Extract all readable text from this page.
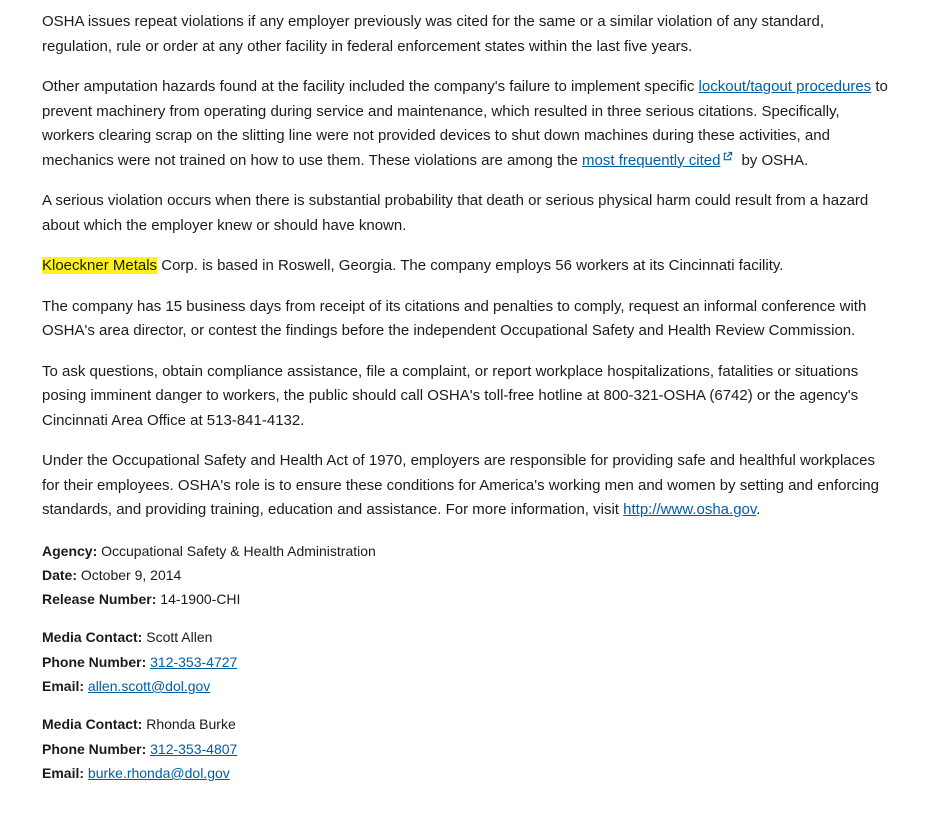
OSHA issues repeat violations if any employer previously was cited for the same or a similar violation of any standard, regulation, rule or order at any other facility in federal enforcement states within the last five years.

Other amputation hazards found at the facility included the company's failure to implement specific lockout/tagout procedures to prevent machinery from operating during service and maintenance, which resulted in three serious citations. Specifically, workers clearing scrap on the slitting line were not provided devices to shut down machines during these activities, and mechanics were not trained on how to use them. These violations are among the most frequently cited by OSHA.

A serious violation occurs when there is substantial probability that death or serious physical harm could result from a hazard about which the employer knew or should have known.

Kloeckner Metals Corp. is based in Roswell, Georgia. The company employs 56 workers at its Cincinnati facility.

The company has 15 business days from receipt of its citations and penalties to comply, request an informal conference with OSHA's area director, or contest the findings before the independent Occupational Safety and Health Review Commission.

To ask questions, obtain compliance assistance, file a complaint, or report workplace hospitalizations, fatalities or situations posing imminent danger to workers, the public should call OSHA's toll-free hotline at 800-321-OSHA (6742) or the agency's Cincinnati Area Office at 513-841-4132.

Under the Occupational Safety and Health Act of 1970, employers are responsible for providing safe and healthful workplaces for their employees. OSHA's role is to ensure these conditions for America's working men and women by setting and enforcing standards, and providing training, education and assistance. For more information, visit http://www.osha.gov.

Agency: Occupational Safety & Health Administration
Date: October 9, 2014
Release Number: 14-1900-CHI
Media Contact: Scott Allen
Phone Number: 312-353-4727
Email: allen.scott@dol.gov
Media Contact: Rhonda Burke
Phone Number: 312-353-4807
Email: burke.rhonda@dol.gov
